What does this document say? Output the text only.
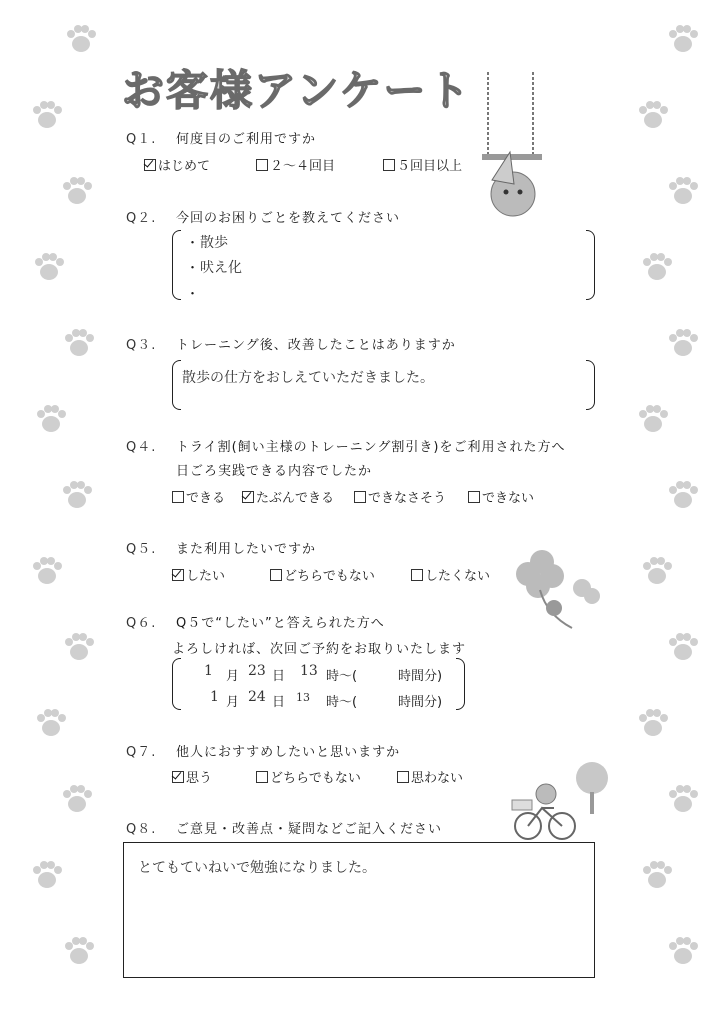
お客様アンケート
Q１. 何度目のご利用ですか
はじめて	２～４回目	５回目以上
Q２. 今回のお困りごとを教えてください
・
・
・
散歩
吠え化
Q３. トレーニング後、改善したことはありますか
散歩の仕方をおしえていただきました。
Q４. トライ割(飼い主様のトレーニング割引き)をご利用された方へ
日ごろ実践できる内容でしたか
できる	たぶんできる	できなさそう	できない
Q５. また利用したいですか
したい	どちらでもない	したくない
Q６. Q５で“したい”と答えられた方へ
よろしければ、次回ご予約をお取りいたします
1 月 23 日 13 時～(	時間分)
1 月 24 日 13 時～(	時間分)
Q７. 他人におすすめしたいと思いますか
思う	どちらでもない	思わない
Q８. ご意見・改善点・疑問などご記入ください
とてもていねいで勉強になりました。
